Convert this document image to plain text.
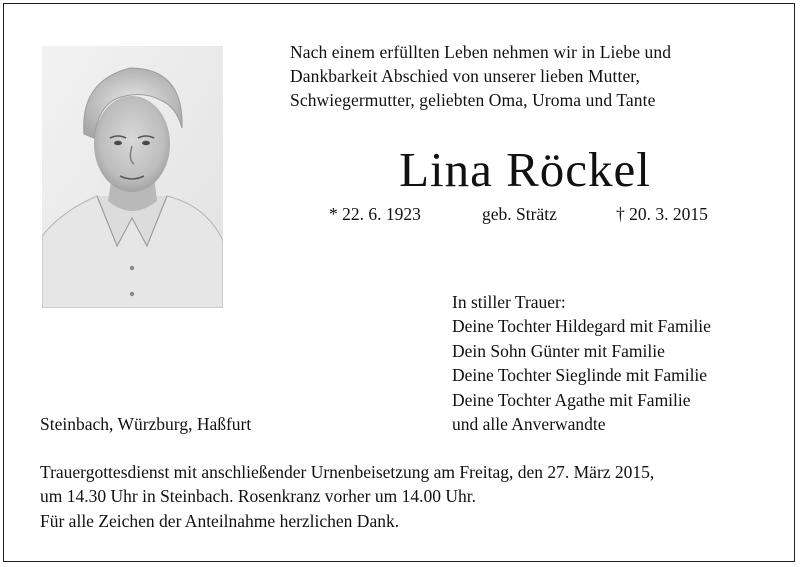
Nach einem erfüllten Leben nehmen wir in Liebe und
Dankbarkeit Abschied von unserer lieben Mutter,
Schwiegermutter, geliebten Oma, Uroma und Tante
Lina Röckel
* 22. 6. 1923	geb. Strätz	† 20. 3. 2015
In stiller Trauer:
Deine Tochter Hildegard mit Familie
Dein Sohn Günter mit Familie
Deine Tochter Sieglinde mit Familie
Deine Tochter Agathe mit Familie
und alle Anverwandte
Steinbach, Würzburg, Haßfurt
Trauergottesdienst mit anschließender Urnenbeisetzung am Freitag, den 27. März 2015,
um 14.30 Uhr in Steinbach. Rosenkranz vorher um 14.00 Uhr.
Für alle Zeichen der Anteilnahme herzlichen Dank.
